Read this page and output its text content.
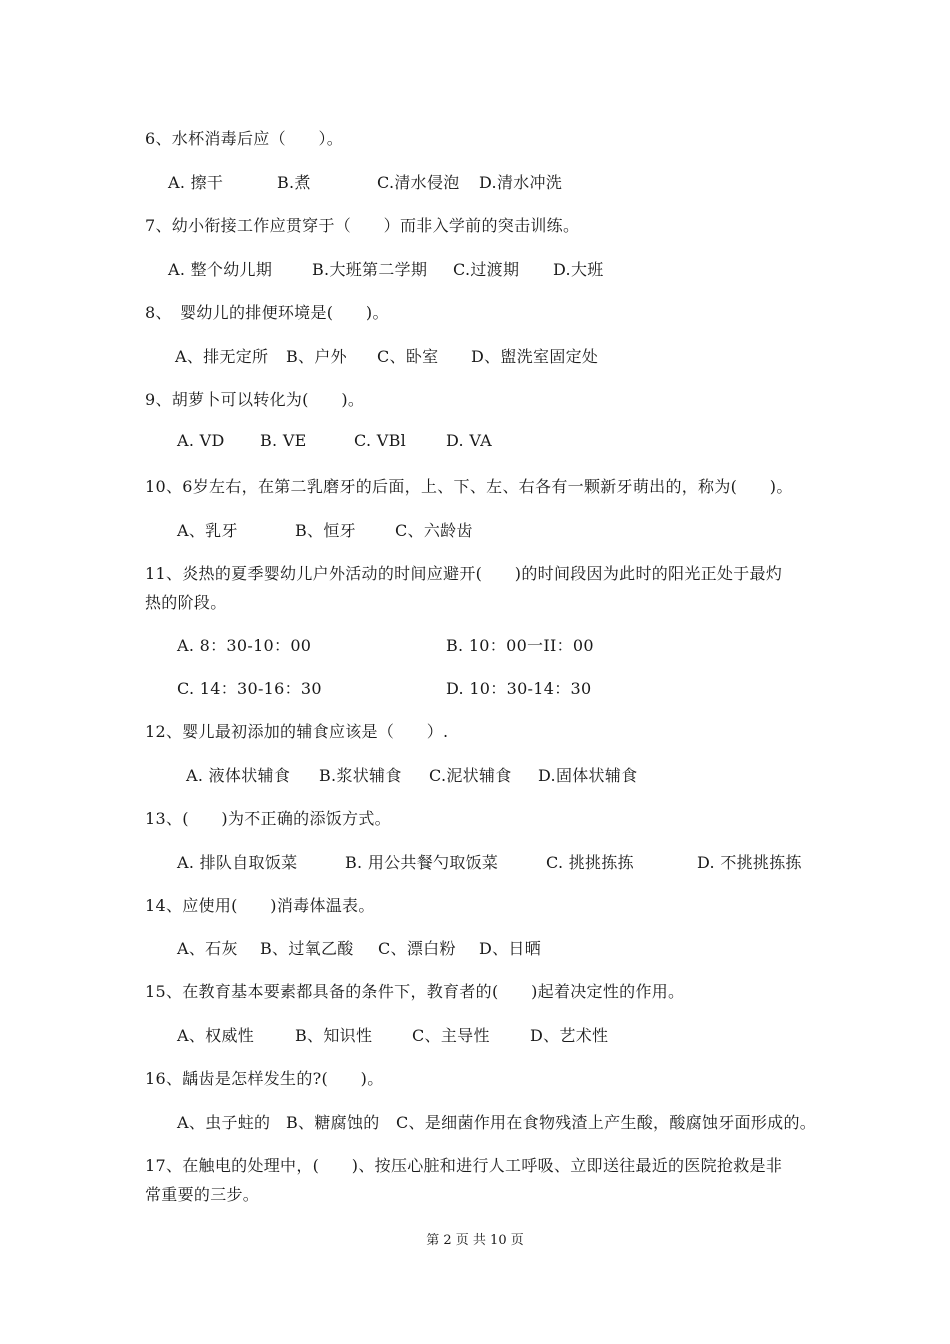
6、水杯消毒后应（　　）。
A. 擦干	B.煮	C.清水侵泡 D.清水冲洗
7、幼小衔接工作应贯穿于（　　）而非入学前的突击训练。
A. 整个幼儿期 B.大班第二学期 C.过渡期 D.大班
8、　婴幼儿的排便环境是(　　)。
A、排无定所 B、户外 C、卧室 D、盥洗室固定处
9、胡萝卜可以转化为(　　)。
A. VD B. VE	C. VBl D. VA
10、6岁左右，在第二乳磨牙的后面，上、下、左、右各有一颗新牙萌出的，称为(　　)。
A、乳牙	B、恒牙 C、六龄齿
11、炎热的夏季婴幼儿户外活动的时间应避开(　　)的时间段因为此时的阳光正处于最灼
热的阶段。
A. 8：30-10：00	B. 10：00一II：00
C. 14：30-16：30	D. 10：30-14：30
12、婴儿最初添加的辅食应该是（　　）.
A. 液体状辅食 B.浆状辅食 C.泥状辅食 D.固体状辅食
13、(　　)为不正确的添饭方式。
A. 排队自取饭菜	B. 用公共餐勺取饭菜	C. 挑挑拣拣	D. 不挑挑拣拣
14、应使用(　　)消毒体温表。
A、石灰 B、过氧乙酸 C、漂白粉 D、日晒
15、在教育基本要素都具备的条件下，教育者的(　　)起着决定性的作用。
A、权威性	B、知识性 C、主导性	D、艺术性
16、龋齿是怎样发生的?(　　)。
A、虫子蛀的 B、糖腐蚀的 C、是细菌作用在食物残渣上产生酸，酸腐蚀牙面形成的。
17、在触电的处理中，(　　)、按压心脏和进行人工呼吸、立即送往最近的医院抢救是非
常重要的三步。
第 2 页 共 10 页
